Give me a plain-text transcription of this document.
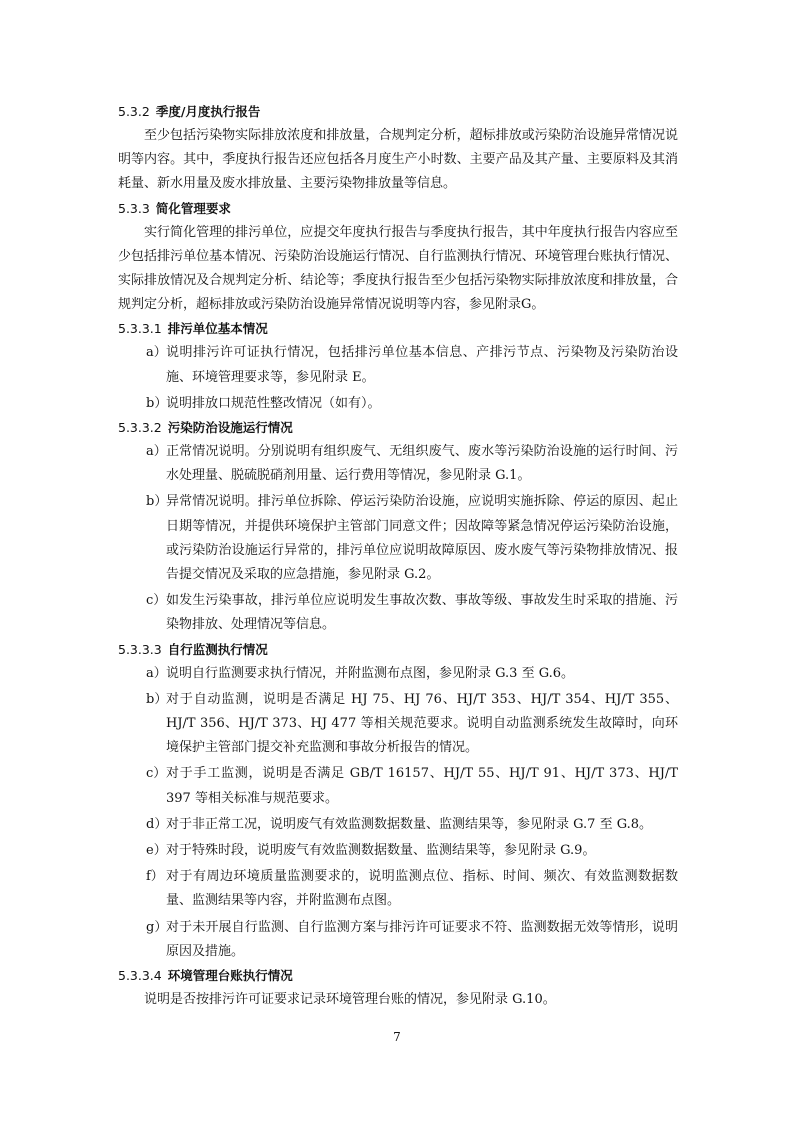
5.3.2 季度/月度执行报告

至少包括污染物实际排放浓度和排放量，合规判定分析，超标排放或污染防治设施异常情况说明等内容。其中，季度执行报告还应包括各月度生产小时数、主要产品及其产量、主要原料及其消耗量、新水用量及废水排放量、主要污染物排放量等信息。

5.3.3 简化管理要求

实行简化管理的排污单位，应提交年度执行报告与季度执行报告，其中年度执行报告内容应至少包括排污单位基本情况、污染防治设施运行情况、自行监测执行情况、环境管理台账执行情况、实际排放情况及合规判定分析、结论等；季度执行报告至少包括污染物实际排放浓度和排放量，合规判定分析，超标排放或污染防治设施异常情况说明等内容，参见附录G。

5.3.3.1 排污单位基本情况
a） 说明排污许可证执行情况，包括排污单位基本信息、产排污节点、污染物及污染防治设施、环境管理要求等，参见附录 E。
b）
说明排放口规范性整改情况（如有）。
5.3.3.2 污染防治设施运行情况
a） 正常情况说明。分别说明有组织废气、无组织废气、废水等污染防治设施的运行时间、污水处理量、脱硫脱硝剂用量、运行费用等情况，参见附录 G.1。
b）
异常情况说明。排污单位拆除、停运污染防治设施，应说明实施拆除、停运的原因、起止日期等情况，并提供环境保护主管部门同意文件；因故障等紧急情况停运污染防治设施，或污染防治设施运行异常的，排污单位应说明故障原因、废水废气等污染物排放情况、报告提交情况及采取的应急措施，参见附录 G.2。
c） 如发生污染事故，排污单位应说明发生事故次数、事故等级、事故发生时采取的措施、污染物排放、处理情况等信息。
5.3.3.3 自行监测执行情况
a） 说明自行监测要求执行情况，并附监测布点图，参见附录 G.3 至 G.6。
b）
对于自动监测，说明是否满足 HJ 75、HJ 76、HJ/T 353、HJ/T 354、HJ/T 355、HJ/T 356、HJ/T 373、HJ 477 等相关规范要求。说明自动监测系统发生故障时，向环境保护主管部门提交补充监测和事故分析报告的情况。
c） 对于手工监测，说明是否满足 GB/T 16157、HJ/T 55、HJ/T 91、HJ/T 373、HJ/T 397 等相关标准与规范要求。
d）
对于非正常工况，说明废气有效监测数据数量、监测结果等，参见附录 G.7 至 G.8。
e） 对于特殊时段，说明废气有效监测数据数量、监测结果等，参见附录 G.9。
f） 对于有周边环境质量监测要求的，说明监测点位、指标、时间、频次、有效监测数据数量、监测结果等内容，并附监测布点图。
g）
对于未开展自行监测、自行监测方案与排污许可证要求不符、监测数据无效等情形，说明原因及措施。
5.3.3.4 环境管理台账执行情况

说明是否按排污许可证要求记录环境管理台账的情况，参见附录 G.10。

7
